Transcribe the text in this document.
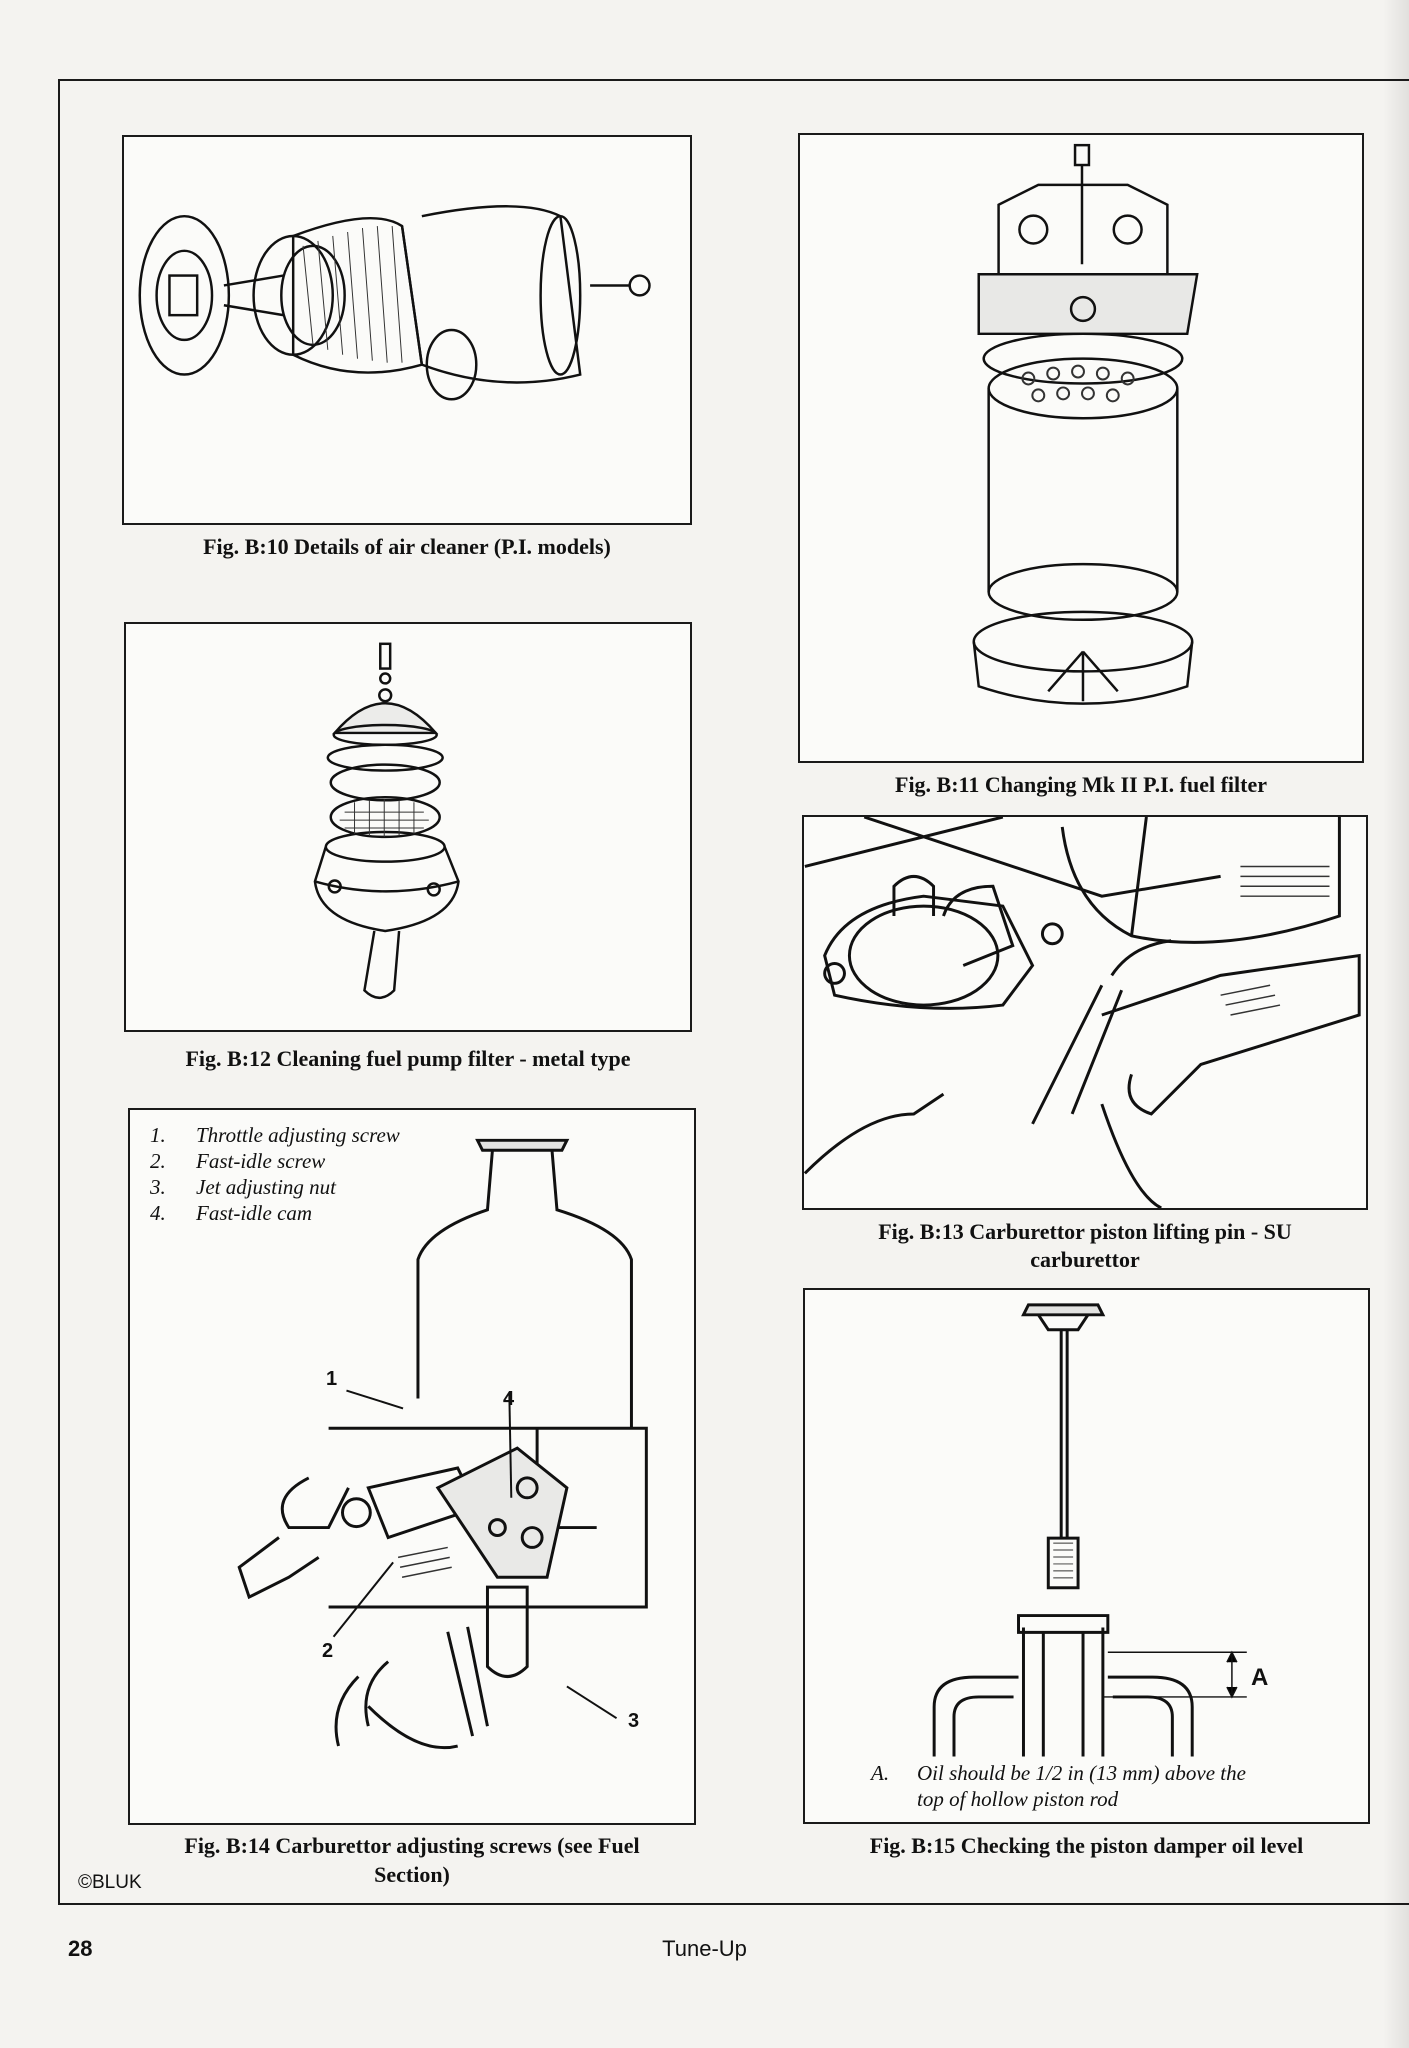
Fig. B:10 Details of air cleaner (P.I. models)
Fig. B:11 Changing Mk II P.I. fuel filter
Fig. B:12 Cleaning fuel pump filter - metal type
Fig. B:13 Carburettor piston lifting pin - SU
carburettor
1. Throttle adjusting screw
2. Fast-idle screw
3. Jet adjusting nut
4. Fast-idle cam
1
2
3
4
Fig. B:14 Carburettor adjusting screws (see Fuel
Section)
A
A. Oil should be 1/2 in (13 mm) above the
top of hollow piston rod
Fig. B:15 Checking the piston damper oil level
©BLUK
28	Tune-Up
